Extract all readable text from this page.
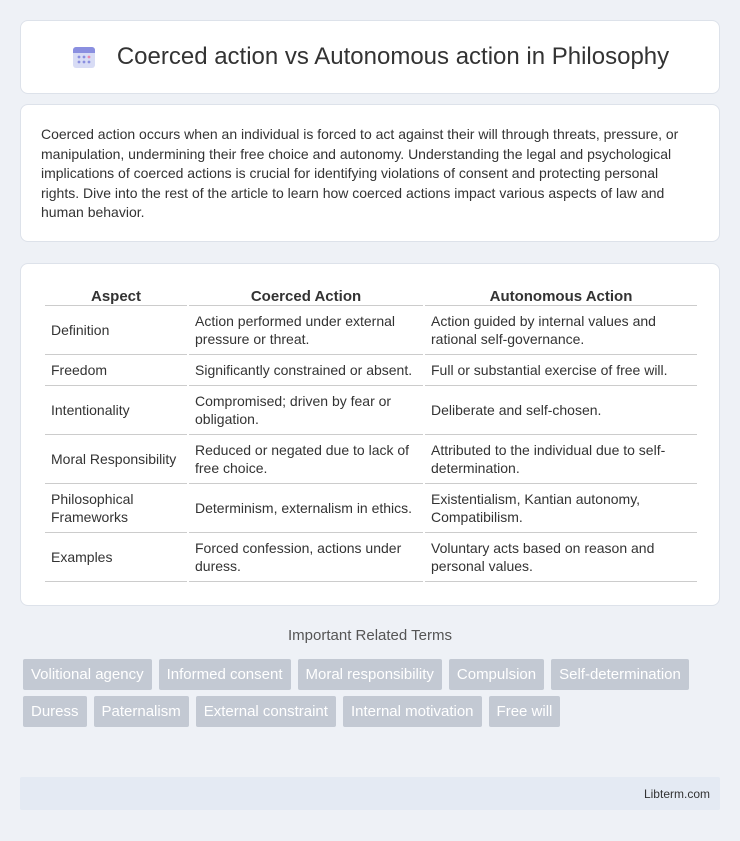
Coerced action vs Autonomous action in Philosophy

Coerced action occurs when an individual is forced to act against their will through threats, pressure, or manipulation, undermining their free choice and autonomy. Understanding the legal and psychological implications of coerced actions is crucial for identifying violations of consent and protecting personal rights. Dive into the rest of the article to learn how coerced actions impact various aspects of law and human behavior.

Aspect	Coerced Action	Autonomous Action
Definition	Action performed under external pressure or threat.	Action guided by internal values and rational self-governance.
Freedom	Significantly constrained or absent.	Full or substantial exercise of free will.
Intentionality	Compromised; driven by fear or obligation.	Deliberate and self-chosen.
Moral Responsibility	Reduced or negated due to lack of free choice.	Attributed to the individual due to self-determination.
Philosophical Frameworks	Determinism, externalism in ethics.	Existentialism, Kantian autonomy, Compatibilism.
Examples	Forced confession, actions under duress.	Voluntary acts based on reason and personal values.
Important Related Terms
Volitional agency	Informed consent	Moral responsibility	Compulsion	Self-determination
Duress	Paternalism	External constraint	Internal motivation	Free will
Libterm.com
